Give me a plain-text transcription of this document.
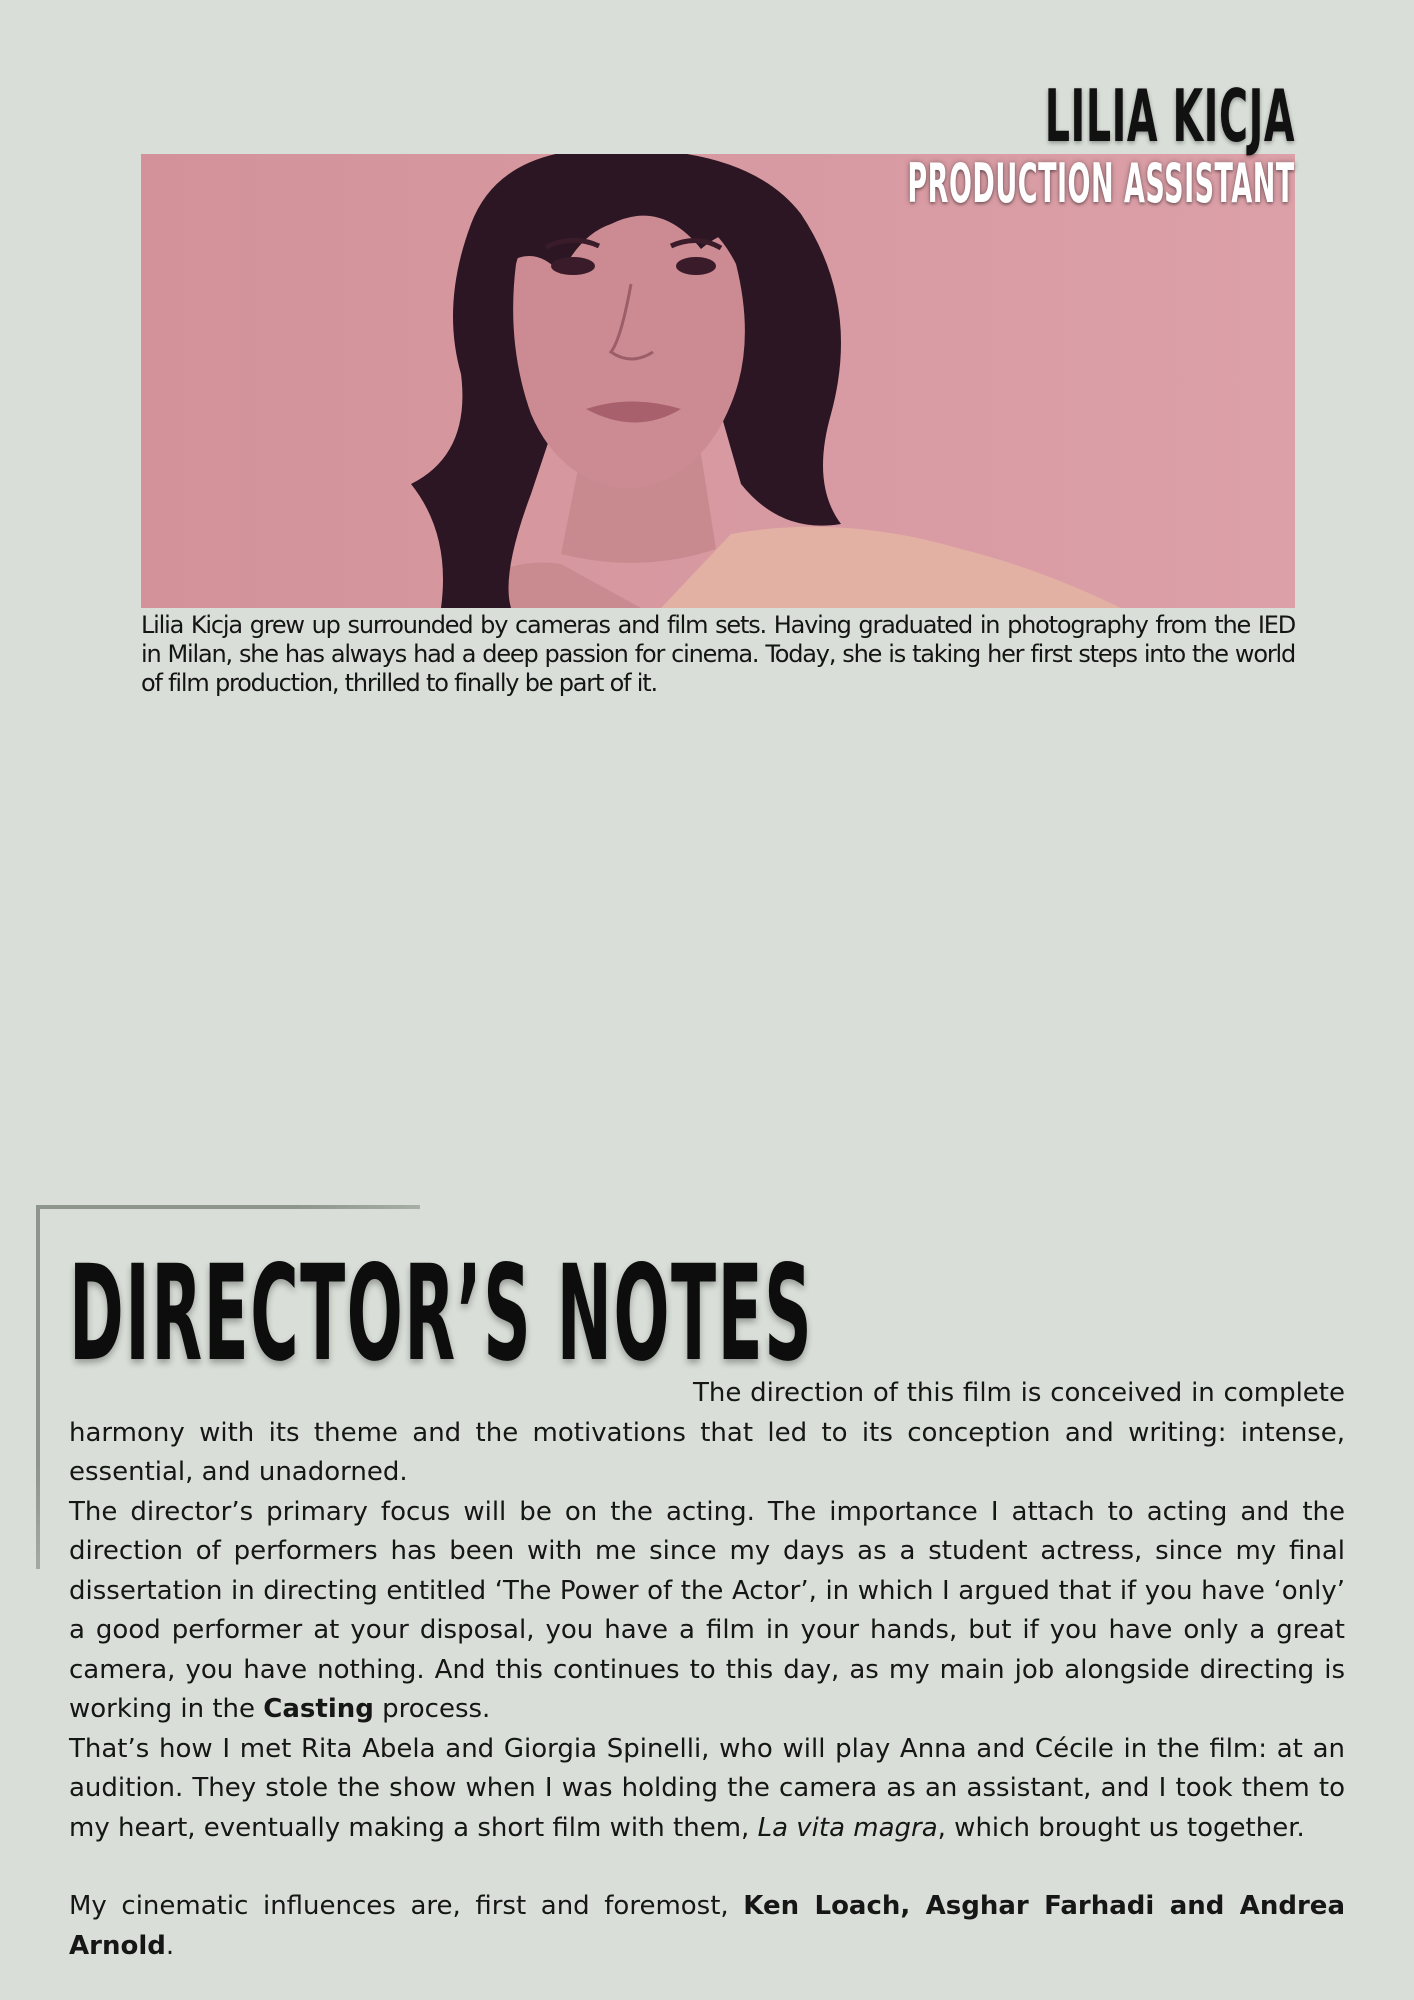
LILIA KICJA
PRODUCTION ASSISTANT

Lilia Kicja grew up surrounded by cameras and film sets. Having graduated in photography from the IED in Milan, she has always had a deep passion for cinema. Today, she is taking her first steps into the world of film production, thrilled to finally be part of it.

DIRECTOR’S NOTES

The direction of this film is conceived in complete harmony with its theme and the motivations that led to its conception and writing: intense, essential, and unadorned.

The director’s primary focus will be on the acting. The importance I attach to acting and the direction of performers has been with me since my days as a student actress, since my final dissertation in directing entitled ‘The Power of the Actor’, in which I argued that if you have ‘only’ a good performer at your disposal, you have a film in your hands, but if you have only a great camera, you have nothing. And this continues to this day, as my main job alongside directing is working in the Casting process.

That’s how I met Rita Abela and Giorgia Spinelli, who will play Anna and Cécile in the film: at an audition. They stole the show when I was holding the camera as an assistant, and I took them to my heart, eventually making a short film with them, La vita magra, which brought us together.

My cinematic influences are, first and foremost, Ken Loach, Asghar Farhadi and Andrea Arnold.
